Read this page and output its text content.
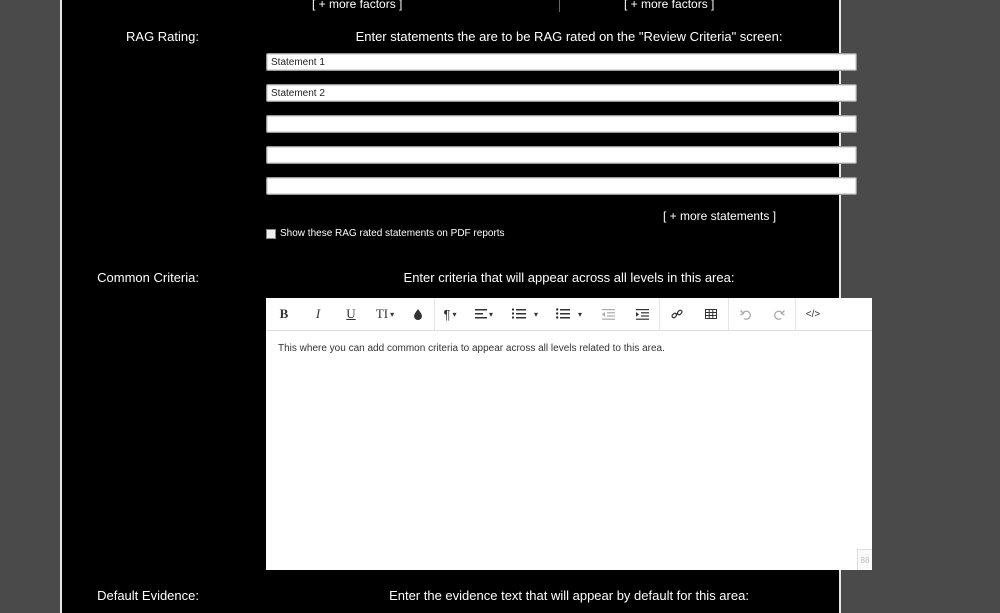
[ + more factors ]	[ + more factors ]
RAG Rating:	Enter statements the are to be RAG rated on the "Review Criteria" screen:
Statement 1
Statement 2
[ + more statements ]
Show these RAG rated statements on PDF reports
Common Criteria:	Enter criteria that will appear across all levels in this area:
B	I	U	TI ▾	¶ ▾	▾	▾	▾	</>
This where you can add common criteria to appear across all levels related to this area.
88
Default Evidence:	Enter the evidence text that will appear by default for this area:
